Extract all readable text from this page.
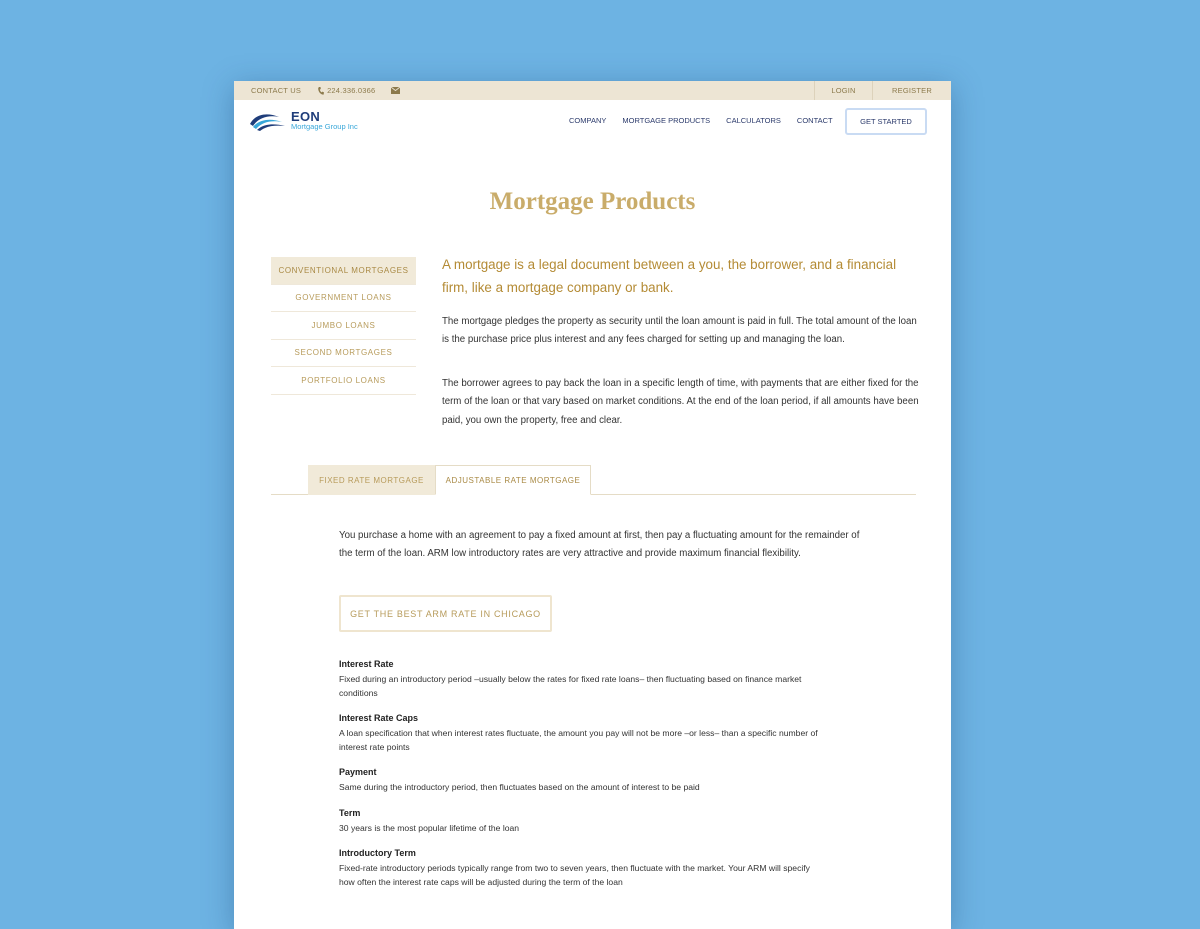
CONTACT US	224.336.0366	LOGIN	REGISTER
EON
Mortgage Group Inc
COMPANY MORTGAGE PRODUCTS CALCULATORS CONTACT	GET STARTED
Mortgage Products
CONVENTIONAL MORTGAGES
GOVERNMENT LOANS
JUMBO LOANS
SECOND MORTGAGES
PORTFOLIO LOANS

A mortgage is a legal document between a you, the borrower, and a financial firm, like a mortgage company or bank.

The mortgage pledges the property as security until the loan amount is paid in full. The total amount of the loan is the purchase price plus interest and any fees charged for setting up and managing the loan.

The borrower agrees to pay back the loan in a specific length of time, with payments that are either fixed for the term of the loan or that vary based on market conditions. At the end of the loan period, if all amounts have been paid, you own the property, free and clear.

FIXED RATE MORTGAGE	ADJUSTABLE RATE MORTGAGE

You purchase a home with an agreement to pay a fixed amount at first, then pay a fluctuating amount for the remainder of the term of the loan. ARM low introductory rates are very attractive and provide maximum financial flexibility.

GET THE BEST ARM RATE IN CHICAGO
Interest Rate
Fixed during an introductory period –usually below the rates for fixed rate loans– then fluctuating based on finance market conditions
Interest Rate Caps
A loan specification that when interest rates fluctuate, the amount you pay will not be more –or less– than a specific number of interest rate points
Payment
Same during the introductory period, then fluctuates based on the amount of interest to be paid
Term
30 years is the most popular lifetime of the loan
Introductory Term
Fixed-rate introductory periods typically range from two to seven years, then fluctuate with the market. Your ARM will specify how often the interest rate caps will be adjusted during the term of the loan
